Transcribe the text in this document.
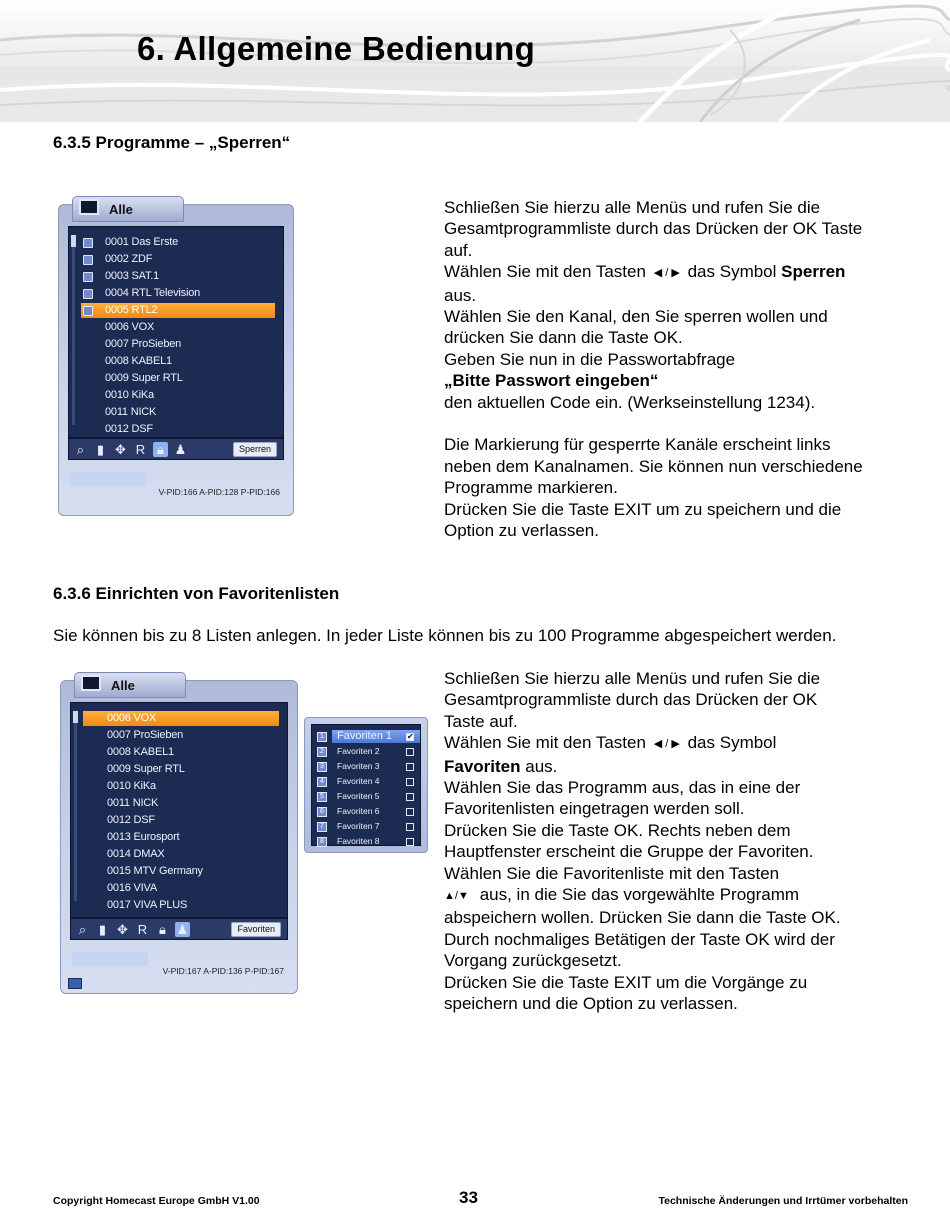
6. Allgemeine Bedienung
6.3.5 Programme – „Sperren“
Alle
0001 Das Erste
0002 ZDF
0003 SAT.1
0004 RTL Television
0005 RTL2
0006 VOX
0007 ProSieben
0008 KABEL1
0009 Super RTL
0010 KiKa
0011 NICK
0012 DSF
⌕ ▮ ✥ R 🔒︎ ♟	Sperren
V-PID:166 A-PID:128 P-PID:166
Schließen Sie hierzu alle Menüs und rufen Sie die
Gesamtprogrammliste durch das Drücken der OK Taste
auf.
Wählen Sie mit den Tasten  ◀ / ▶  das Symbol Sperren
aus.
Wählen Sie den Kanal, den Sie sperren wollen und
drücken Sie dann die Taste OK.
Geben Sie nun in die Passwortabfrage
„Bitte Passwort eingeben“
den aktuellen Code ein. (Werkseinstellung 1234).
Die Markierung für gesperrte Kanäle erscheint links
neben dem Kanalnamen. Sie können nun verschiedene
Programme markieren.
Drücken Sie die Taste EXIT um zu speichern und die
Option zu verlassen.
6.3.6 Einrichten von Favoritenlisten
Sie können bis zu 8 Listen anlegen. In jeder Liste können bis zu 100 Programme abgespeichert werden.
Alle
0006 VOX
0007 ProSieben
0008 KABEL1
0009 Super RTL
0010 KiKa
0011 NICK
0012 DSF
0013 Eurosport
0014 DMAX
0015 MTV Germany
0016 VIVA
0017 VIVA PLUS
⌕ ▮ ✥ R 🔒︎ ♟	Favoriten
V-PID:167 A-PID:136 P-PID:167
1	Favoriten 1	✔
2	Favoriten 2
3	Favoriten 3
4	Favoriten 4
5	Favoriten 5
6	Favoriten 6
7	Favoriten 7
8	Favoriten 8
Schließen Sie hierzu alle Menüs und rufen Sie die
Gesamtprogrammliste durch das Drücken der OK
Taste auf.
Wählen Sie mit den Tasten  ◀ / ▶  das Symbol
Favoriten aus.
Wählen Sie das Programm aus, das in eine der
Favoritenlisten eingetragen werden soll.
Drücken Sie die Taste OK. Rechts neben dem
Hauptfenster erscheint die Gruppe der Favoriten.
Wählen Sie die Favoritenliste mit den Tasten
▲/▼   aus, in die Sie das vorgewählte Programm
abspeichern wollen. Drücken Sie dann die Taste OK.
Durch nochmaliges Betätigen der Taste OK wird der
Vorgang zurückgesetzt.
Drücken Sie die Taste EXIT um die Vorgänge zu
speichern und die Option zu verlassen.
Copyright Homecast Europe GmbH V1.00	33	Technische Änderungen und Irrtümer vorbehalten
